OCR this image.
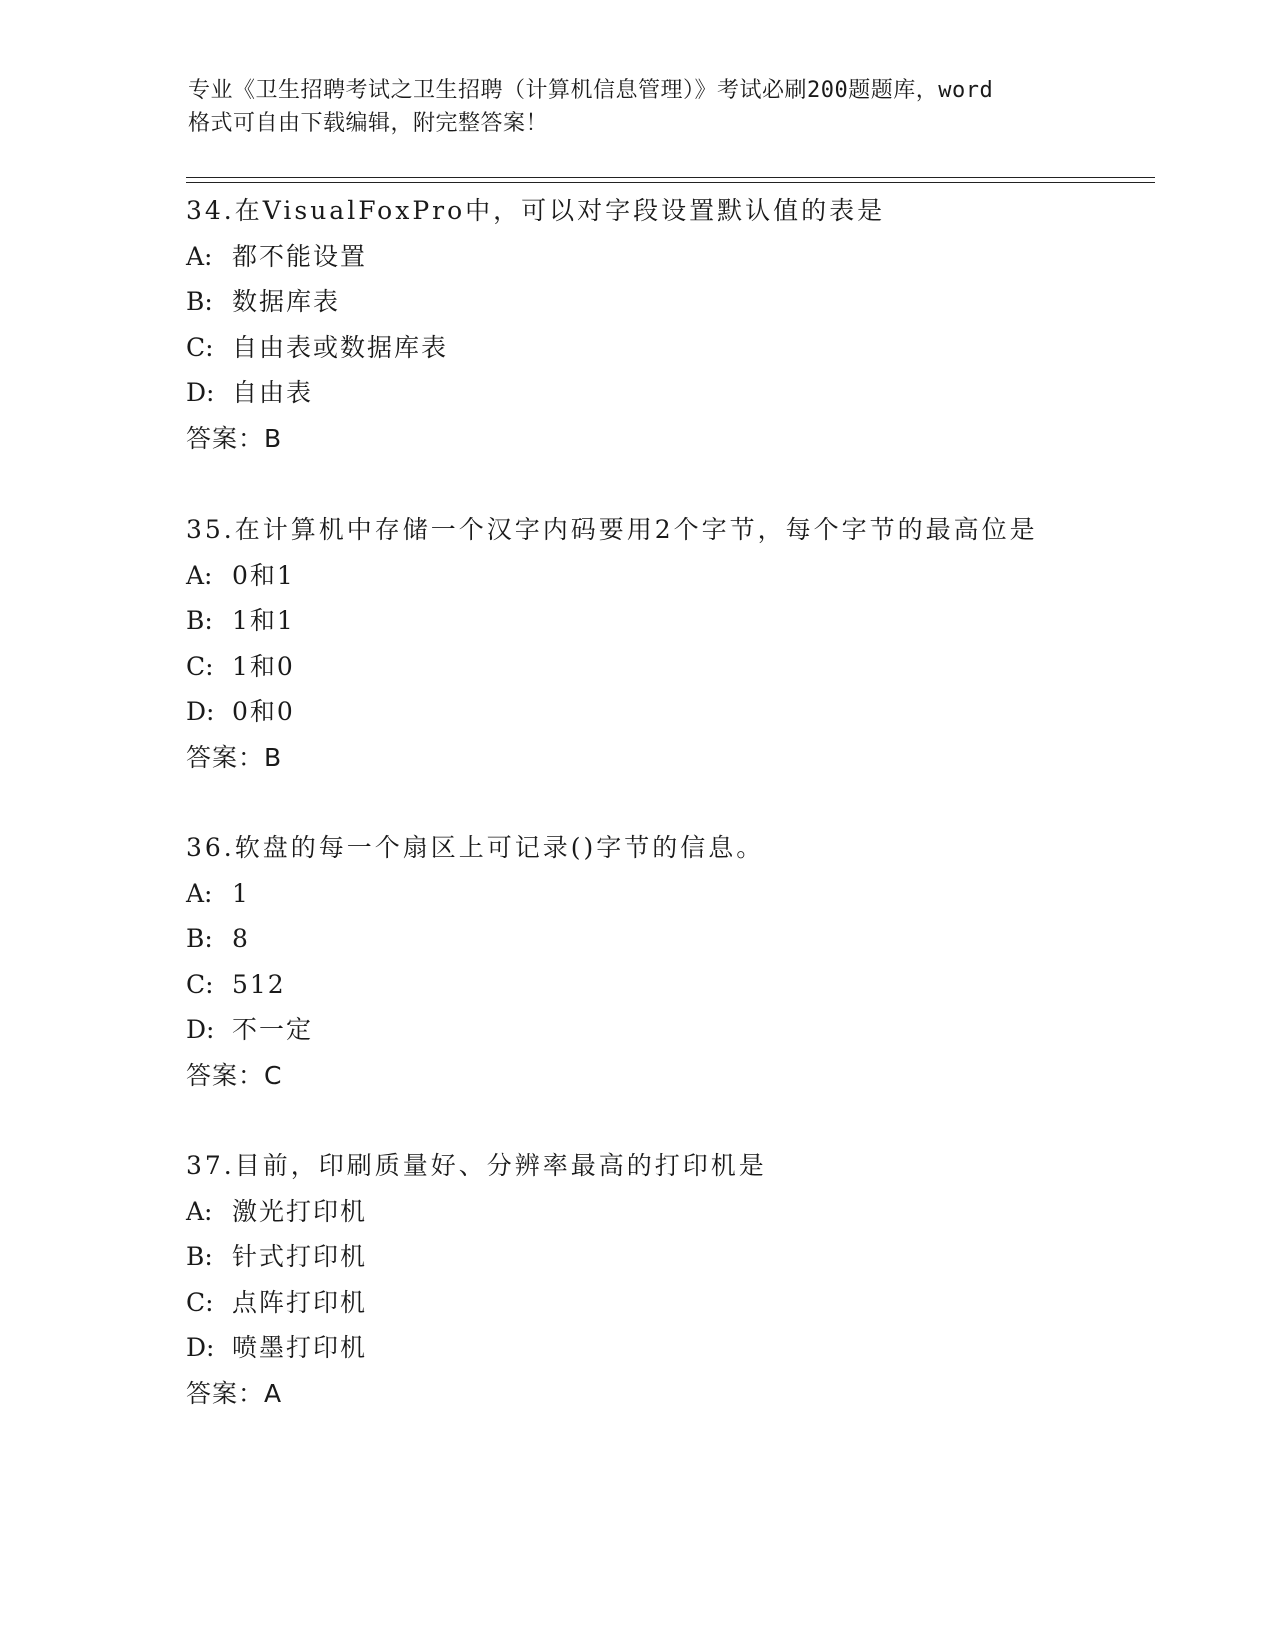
专业《卫生招聘考试之卫生招聘（计算机信息管理）》考试必刷200题题库，word
格式可自由下载编辑，附完整答案！
34.在VisualFoxPro中，可以对字段设置默认值的表是
A: 都不能设置
B: 数据库表
C: 自由表或数据库表
D: 自由表
答案：B
35.在计算机中存储一个汉字内码要用2个字节，每个字节的最高位是
A: 0和1
B: 1和1
C: 1和0
D: 0和0
答案：B
36.软盘的每一个扇区上可记录()字节的信息。
A: 1
B: 8
C: 512
D: 不一定
答案：C
37.目前，印刷质量好、分辨率最高的打印机是
A: 激光打印机
B: 针式打印机
C: 点阵打印机
D: 喷墨打印机
答案：A
